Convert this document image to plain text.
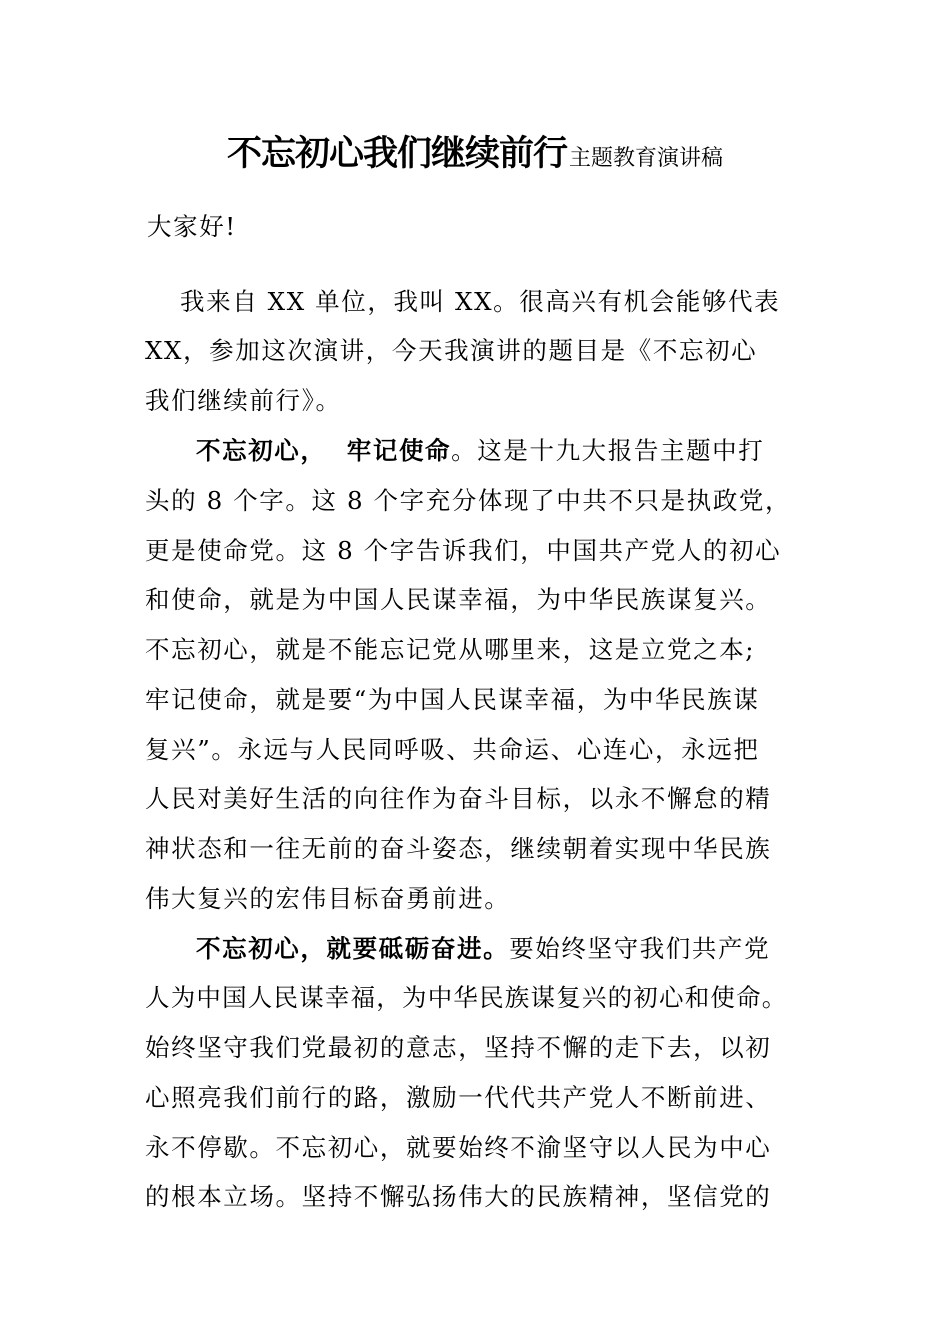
不忘初心我们继续前行主题教育演讲稿
大家好!
我来自 XX 单位，我叫 XX。很高兴有机会能够代表
XX，参加这次演讲，今天我演讲的题目是《不忘初心
我们继续前行》。
不忘初心，  牢记使命。这是十九大报告主题中打
头的 8 个字。这 8 个字充分体现了中共不只是执政党，
更是使命党。这 8 个字告诉我们，中国共产党人的初心
和使命，就是为中国人民谋幸福，为中华民族谋复兴。
不忘初心，就是不能忘记党从哪里来，这是立党之本;
牢记使命，就是要“为中国人民谋幸福，为中华民族谋
复兴”。永远与人民同呼吸、共命运、心连心，永远把
人民对美好生活的向往作为奋斗目标，以永不懈怠的精
神状态和一往无前的奋斗姿态，继续朝着实现中华民族
伟大复兴的宏伟目标奋勇前进。
不忘初心，就要砥砺奋进。要始终坚守我们共产党
人为中国人民谋幸福，为中华民族谋复兴的初心和使命。
始终坚守我们党最初的意志，坚持不懈的走下去，以初
心照亮我们前行的路，激励一代代共产党人不断前进、
永不停歇。不忘初心，就要始终不渝坚守以人民为中心
的根本立场。坚持不懈弘扬伟大的民族精神，坚信党的
